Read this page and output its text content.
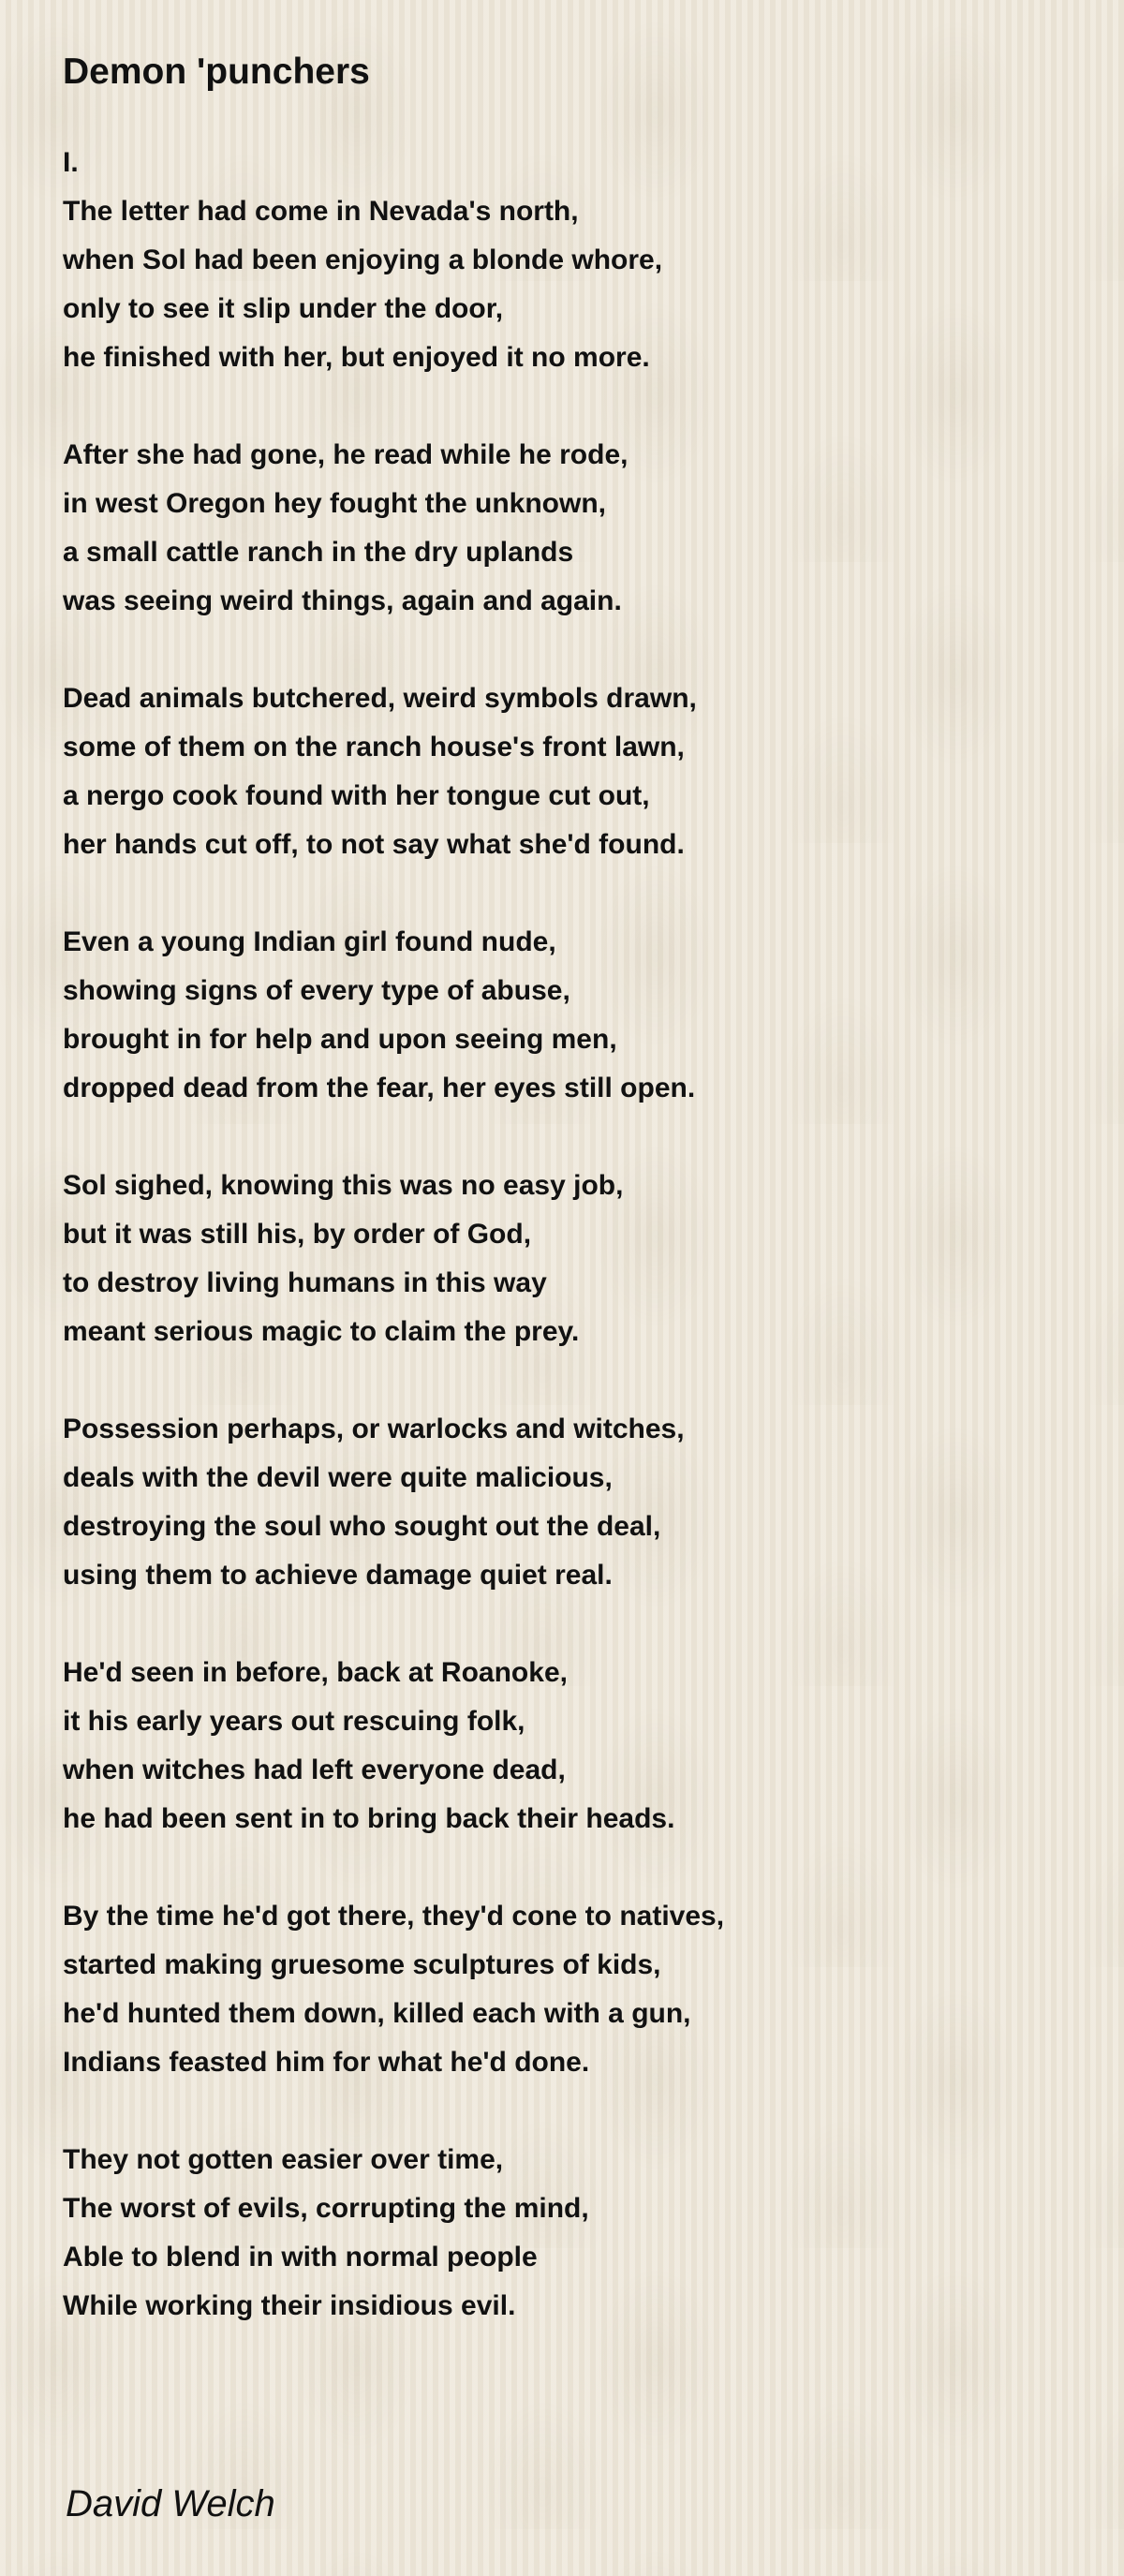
Demon 'punchers
I.
The letter had come in Nevada's north,
when Sol had been enjoying a blonde whore,
only to see it slip under the door,
he finished with her, but enjoyed it no more.
After she had gone, he read while he rode,
in west Oregon hey fought the unknown,
a small cattle ranch in the dry uplands
was seeing weird things, again and again.
Dead animals butchered, weird symbols drawn,
some of them on the ranch house's front lawn,
a nergo cook found with her tongue cut out,
her hands cut off, to not say what she'd found.
Even a young Indian girl found nude,
showing signs of every type of abuse,
brought in for help and upon seeing men,
dropped dead from the fear, her eyes still open.
Sol sighed, knowing this was no easy job,
but it was still his, by order of God,
to destroy living humans in this way
meant serious magic to claim the prey.
Possession perhaps, or warlocks and witches,
deals with the devil were quite malicious,
destroying the soul who sought out the deal,
using them to achieve damage quiet real.
He'd seen in before, back at Roanoke,
it his early years out rescuing folk,
when witches had left everyone dead,
he had been sent in to bring back their heads.
By the time he'd got there, they'd cone to natives,
started making gruesome sculptures of kids,
he'd hunted them down, killed each with a gun,
Indians feasted him for what he'd done.
They not gotten easier over time,
The worst of evils, corrupting the mind,
Able to blend in with normal people
While working their insidious evil.
David Welch
